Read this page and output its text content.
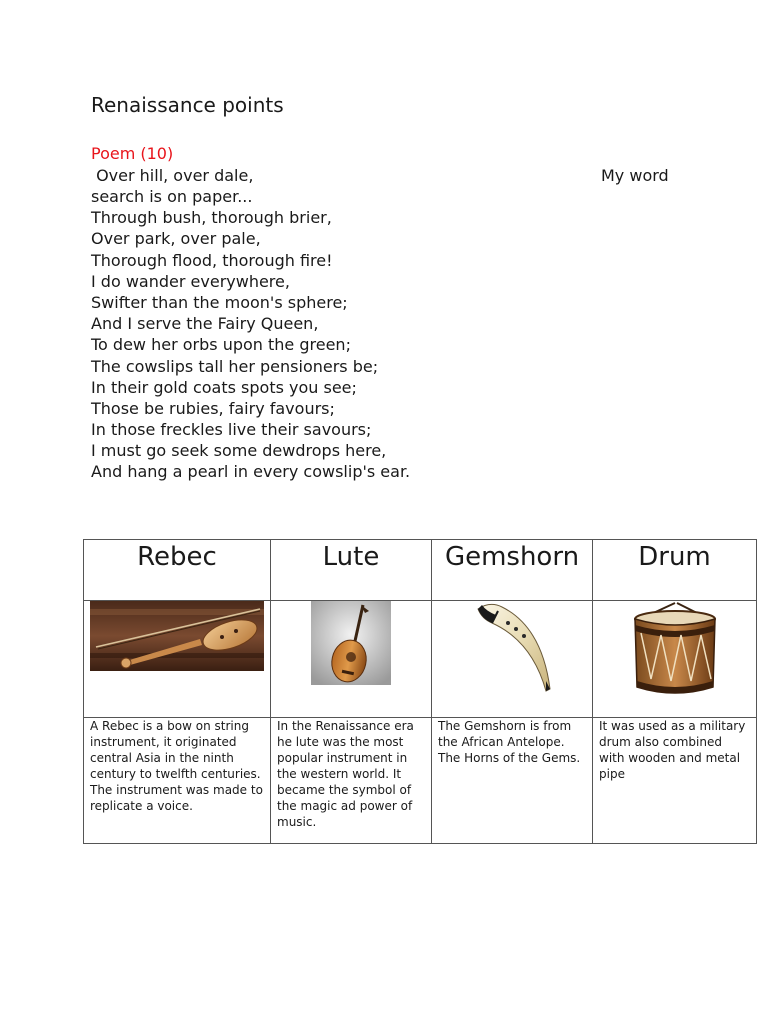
Renaissance points
Poem (10)
Over hill, over dale,	My word
search is on paper...
Through bush, thorough brier,
Over park, over pale,
Thorough flood, thorough fire!
I do wander everywhere,
Swifter than the moon's sphere;
And I serve the Fairy Queen,
To dew her orbs upon the green;
The cowslips tall her pensioners be;
In their gold coats spots you see;
Those be rubies, fairy favours;
In those freckles live their savours;
I must go seek some dewdrops here,
And hang a pearl in every cowslip's ear.
Rebec	Lute	Gemshorn	Drum

A Rebec is a bow on string instrument, it originated central Asia in the ninth century to twelfth centuries. The instrument was made to replicate a voice.	In the Renaissance era he lute was the most popular instrument in the western world. It became the symbol of the magic ad power of music.	The Gemshorn is from the African Antelope. The Horns of the Gems.	It was used as a military drum also combined with wooden and metal pipe
